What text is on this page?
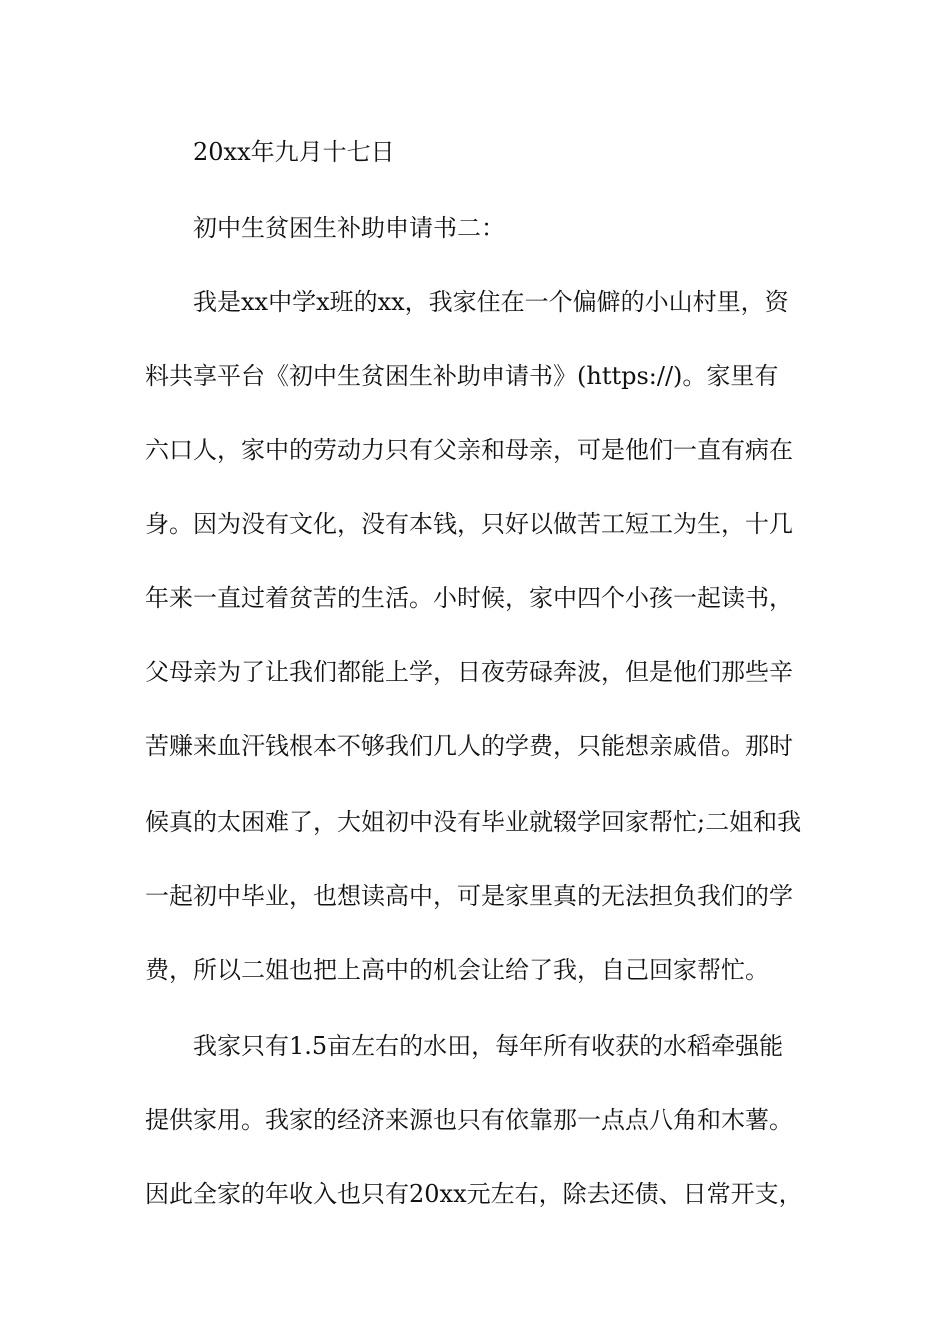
20xx年九月十七日
初中生贫困生补助申请书二：
我是xx中学x班的xx，我家住在一个偏僻的小山村里，资
料共享平台《初中生贫困生补助申请书》(https://)。家里有
六口人，家中的劳动力只有父亲和母亲，可是他们一直有病在
身。因为没有文化，没有本钱，只好以做苦工短工为生，十几
年来一直过着贫苦的生活。小时候，家中四个小孩一起读书，
父母亲为了让我们都能上学，日夜劳碌奔波，但是他们那些辛
苦赚来血汗钱根本不够我们几人的学费，只能想亲戚借。那时
候真的太困难了，大姐初中没有毕业就辍学回家帮忙;二姐和我
一起初中毕业，也想读高中，可是家里真的无法担负我们的学
费，所以二姐也把上高中的机会让给了我，自己回家帮忙。
我家只有1.5亩左右的水田，每年所有收获的水稻牵强能
提供家用。我家的经济来源也只有依靠那一点点八角和木薯。
因此全家的年收入也只有20xx元左右，除去还债、日常开支，
